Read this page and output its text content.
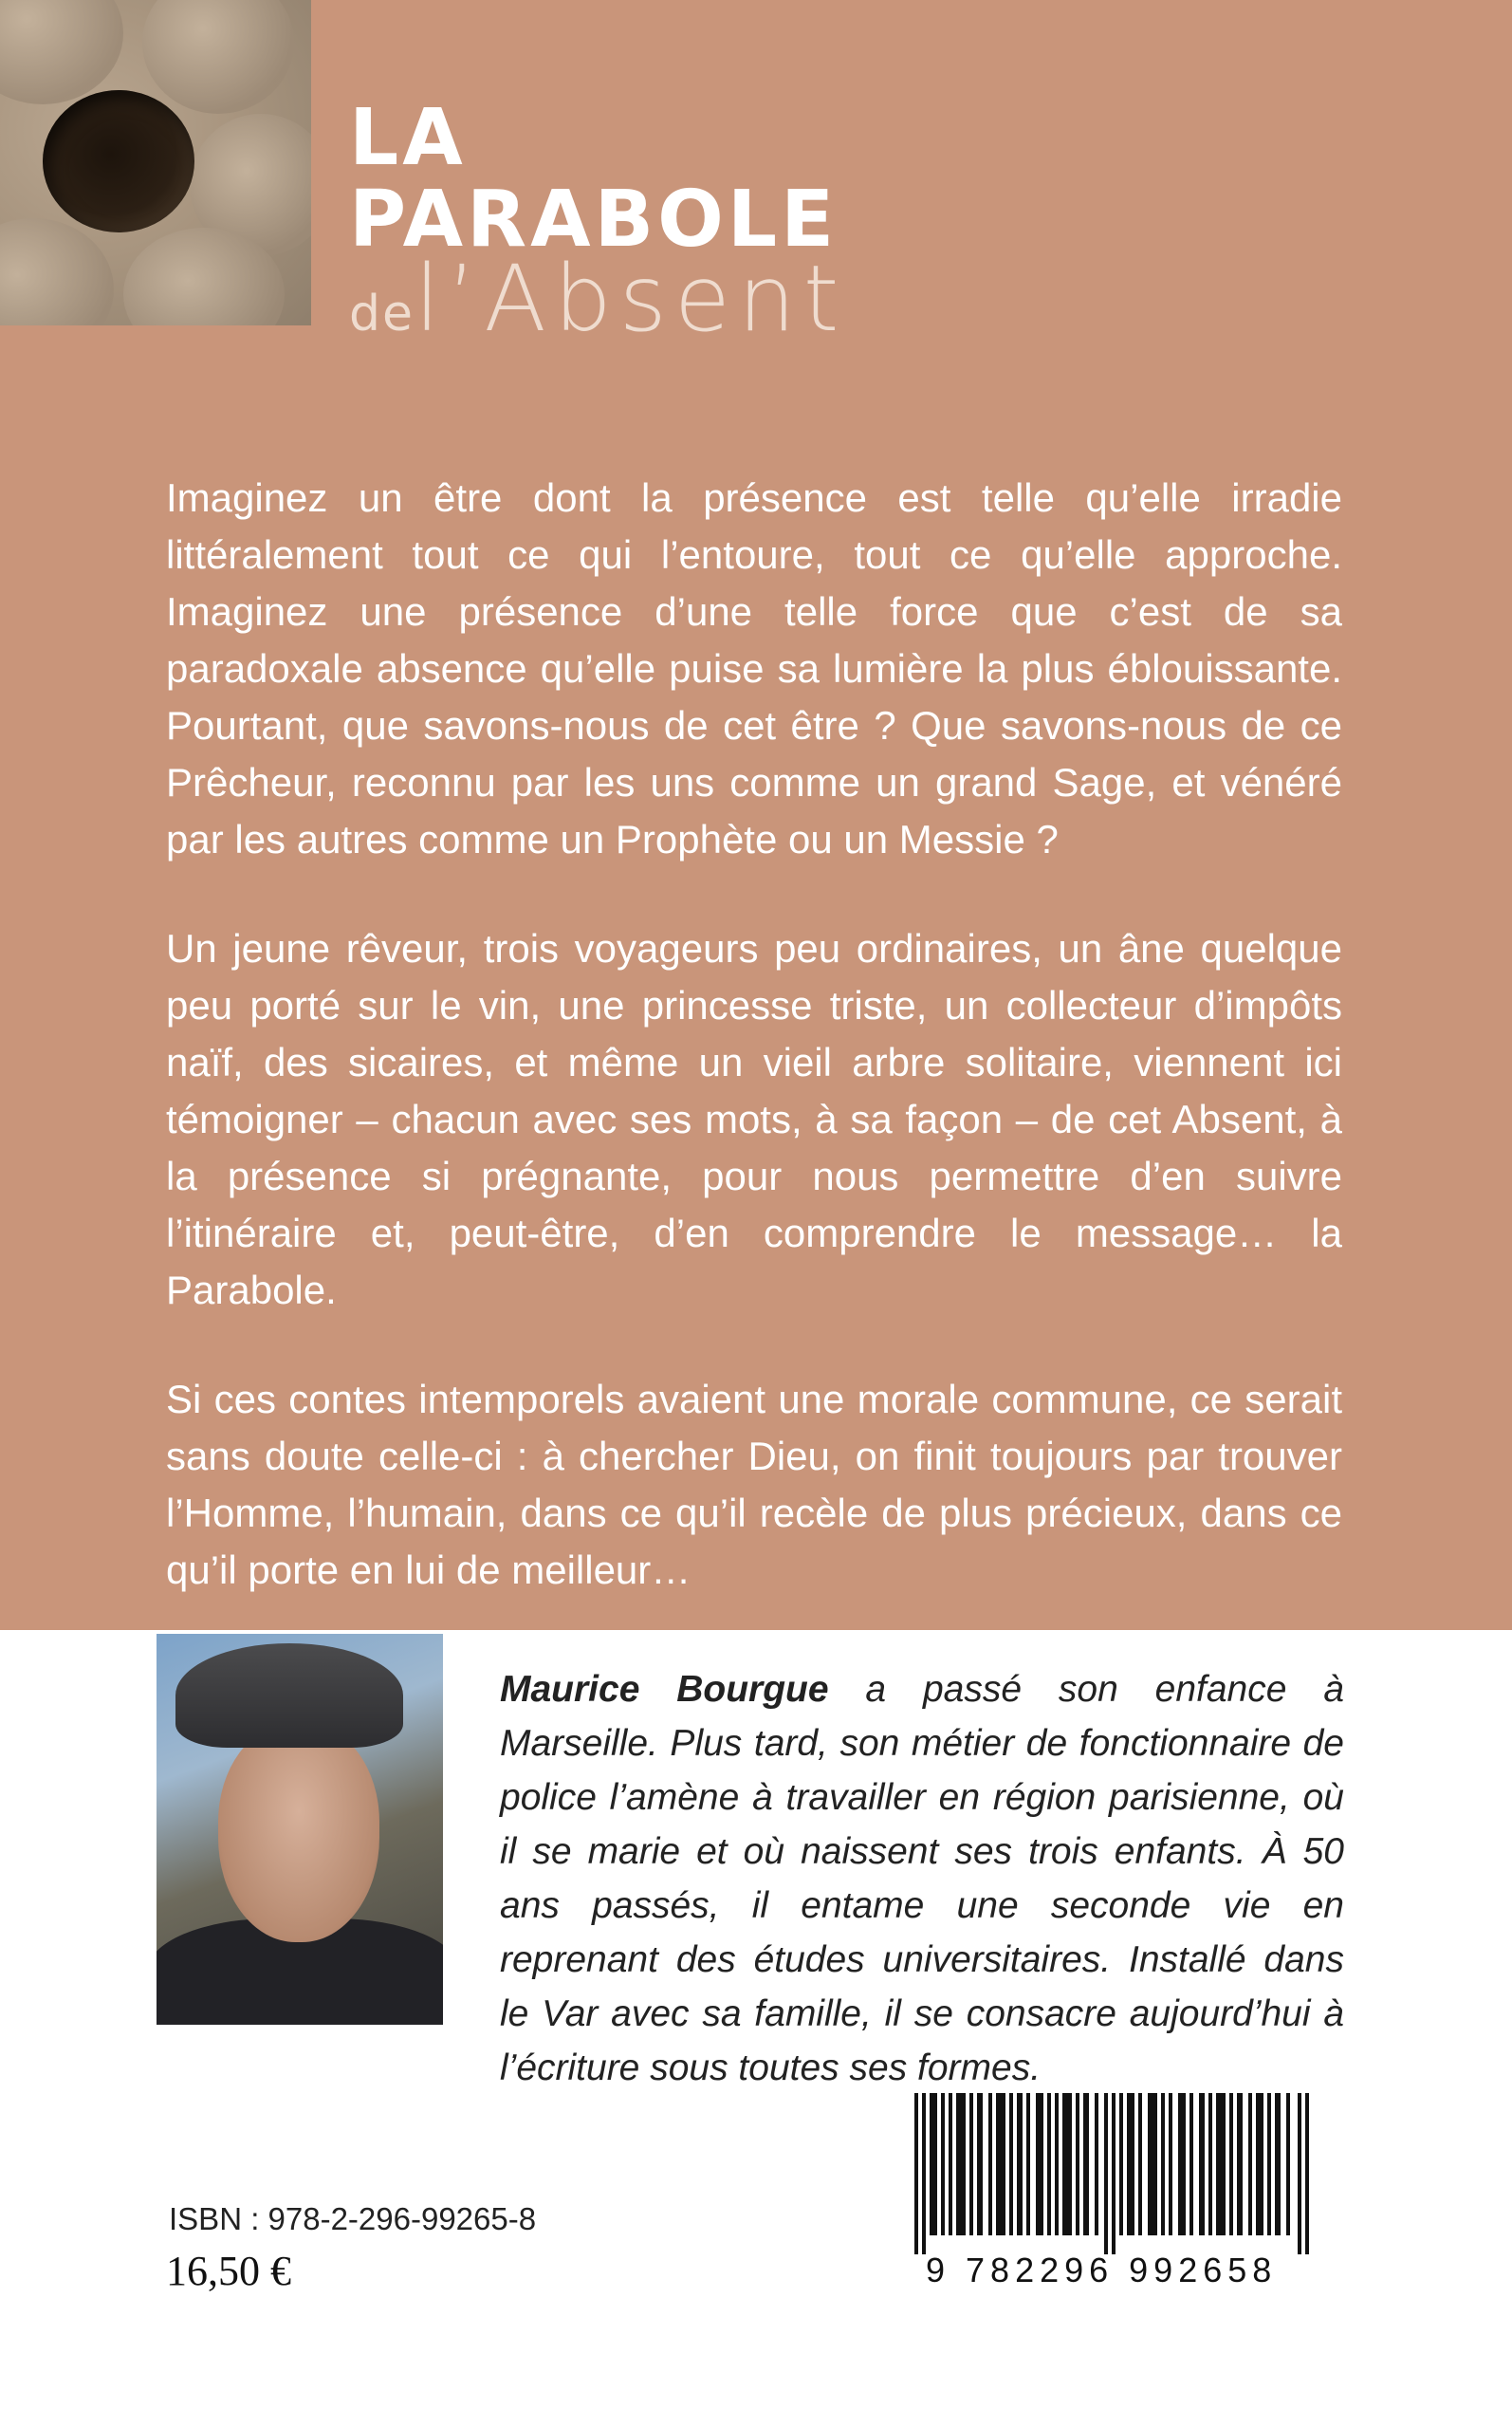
LA
PARABOLE
del’Absent

Imaginez un être dont la présence est telle qu’elle irradie littéralement tout ce qui l’entoure, tout ce qu’elle approche. Imaginez une présence d’une telle force que c’est de sa paradoxale absence qu’elle puise sa lumière la plus éblouissante. Pourtant, que savons-nous de cet être ? Que savons-nous de ce Prêcheur, reconnu par les uns comme un grand Sage, et vénéré par les autres comme un Prophète ou un Messie ?

Un jeune rêveur, trois voyageurs peu ordinaires, un âne quelque peu porté sur le vin, une princesse triste, un collecteur d’impôts naïf, des sicaires, et même un vieil arbre solitaire, viennent ici témoigner – chacun avec ses mots, à sa façon – de cet Absent, à la présence si prégnante, pour nous permettre d’en suivre l’itinéraire et, peut-être, d’en comprendre le message… la Parabole.

Si ces contes intemporels avaient une morale commune, ce serait sans doute celle-ci : à chercher Dieu, on finit toujours par trouver l’Homme, l’humain, dans ce qu’il recèle de plus précieux, dans ce qu’il porte en lui de meilleur…

Maurice Bourgue a passé son enfance à Marseille. Plus tard, son métier de fonctionnaire de police l’amène à travailler en région parisienne, où il se marie et où naissent ses trois enfants. À 50 ans passés, il entame une seconde vie en reprenant des études universitaires. Installé dans le Var avec sa famille, il se consacre aujourd’hui à l’écriture sous toutes ses formes.
ISBN : 978-2-296-99265-8
16,50 €	9 782296 992658
